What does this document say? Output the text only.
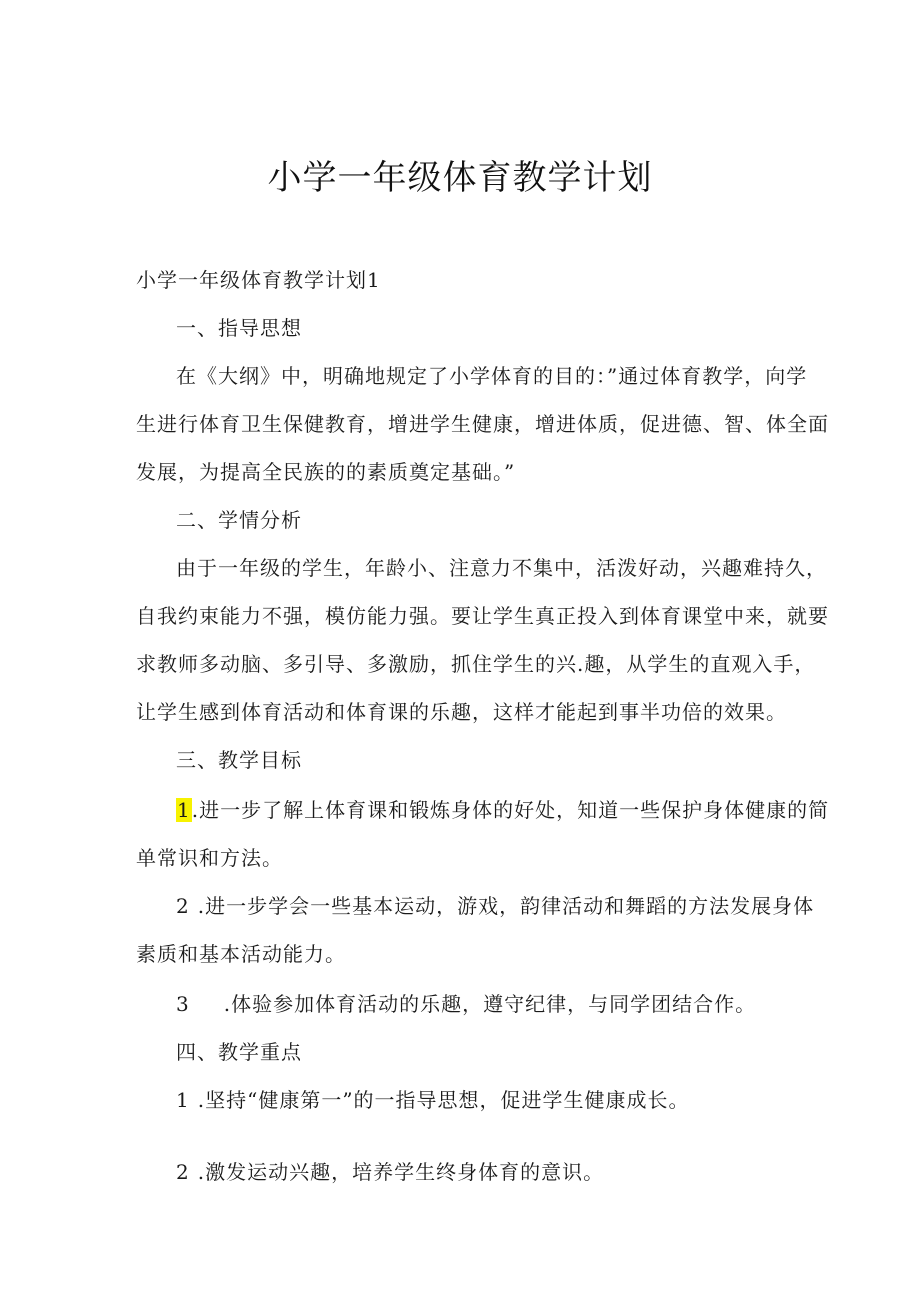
小学一年级体育教学计划
小学一年级体育教学计划1
一、指导思想
在《大纲》中，明确地规定了小学体育的目的：”通过体育教学，向学
生进行体育卫生保健教育，增进学生健康，增进体质，促进德、智、体全面
发展，为提高全民族的的素质奠定基础。”
二、学情分析
由于一年级的学生，年龄小、注意力不集中，活泼好动，兴趣难持久，
自我约束能力不强，模仿能力强。要让学生真正投入到体育课堂中来，就要
求教师多动脑、多引导、多激励，抓住学生的兴.趣，从学生的直观入手，
让学生感到体育活动和体育课的乐趣，这样才能起到事半功倍的效果。
三、教学目标
1.进一步了解上体育课和锻炼身体的好处，知道一些保护身体健康的简
单常识和方法。
2 .进一步学会一些基本运动，游戏，韵律活动和舞蹈的方法发展身体
素质和基本活动能力。
3 .体验参加体育活动的乐趣，遵守纪律，与同学团结合作。
四、教学重点
1 .坚持“健康第一”的一指导思想，促进学生健康成长。
2 .激发运动兴趣，培养学生终身体育的意识。
